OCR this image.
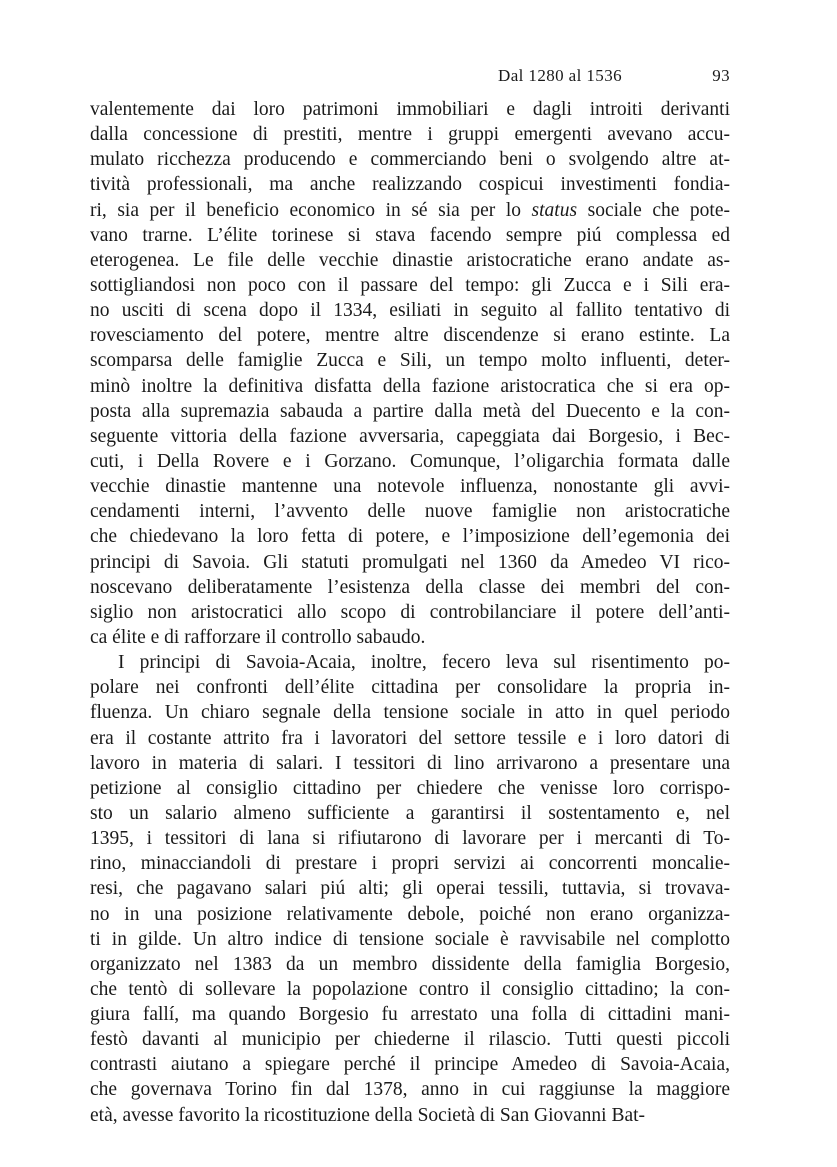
Dal 1280 al 1536	93
valentemente dai loro patrimoni immobiliari e dagli introiti derivanti
dalla concessione di prestiti, mentre i gruppi emergenti avevano accu-
mulato ricchezza producendo e commerciando beni o svolgendo altre at-
tività professionali, ma anche realizzando cospicui investimenti fondia-
ri, sia per il beneficio economico in sé sia per lo status sociale che pote-
vano trarne. L’élite torinese si stava facendo sempre piú complessa ed
eterogenea. Le file delle vecchie dinastie aristocratiche erano andate as-
sottigliandosi non poco con il passare del tempo: gli Zucca e i Sili era-
no usciti di scena dopo il 1334, esiliati in seguito al fallito tentativo di
rovesciamento del potere, mentre altre discendenze si erano estinte. La
scomparsa delle famiglie Zucca e Sili, un tempo molto influenti, deter-
minò inoltre la definitiva disfatta della fazione aristocratica che si era op-
posta alla supremazia sabauda a partire dalla metà del Duecento e la con-
seguente vittoria della fazione avversaria, capeggiata dai Borgesio, i Bec-
cuti, i Della Rovere e i Gorzano. Comunque, l’oligarchia formata dalle
vecchie dinastie mantenne una notevole influenza, nonostante gli avvi-
cendamenti interni, l’avvento delle nuove famiglie non aristocratiche
che chiedevano la loro fetta di potere, e l’imposizione dell’egemonia dei
principi di Savoia. Gli statuti promulgati nel 1360 da Amedeo VI rico-
noscevano deliberatamente l’esistenza della classe dei membri del con-
siglio non aristocratici allo scopo di controbilanciare il potere dell’anti-
ca élite e di rafforzare il controllo sabaudo.
I principi di Savoia-Acaia, inoltre, fecero leva sul risentimento po-
polare nei confronti dell’élite cittadina per consolidare la propria in-
fluenza. Un chiaro segnale della tensione sociale in atto in quel periodo
era il costante attrito fra i lavoratori del settore tessile e i loro datori di
lavoro in materia di salari. I tessitori di lino arrivarono a presentare una
petizione al consiglio cittadino per chiedere che venisse loro corrispo-
sto un salario almeno sufficiente a garantirsi il sostentamento e, nel
1395, i tessitori di lana si rifiutarono di lavorare per i mercanti di To-
rino, minacciandoli di prestare i propri servizi ai concorrenti moncalie-
resi, che pagavano salari piú alti; gli operai tessili, tuttavia, si trovava-
no in una posizione relativamente debole, poiché non erano organizza-
ti in gilde. Un altro indice di tensione sociale è ravvisabile nel complotto
organizzato nel 1383 da un membro dissidente della famiglia Borgesio,
che tentò di sollevare la popolazione contro il consiglio cittadino; la con-
giura fallí, ma quando Borgesio fu arrestato una folla di cittadini mani-
festò davanti al municipio per chiederne il rilascio. Tutti questi piccoli
contrasti aiutano a spiegare perché il principe Amedeo di Savoia-Acaia,
che governava Torino fin dal 1378, anno in cui raggiunse la maggiore
età, avesse favorito la ricostituzione della Società di San Giovanni Bat-
